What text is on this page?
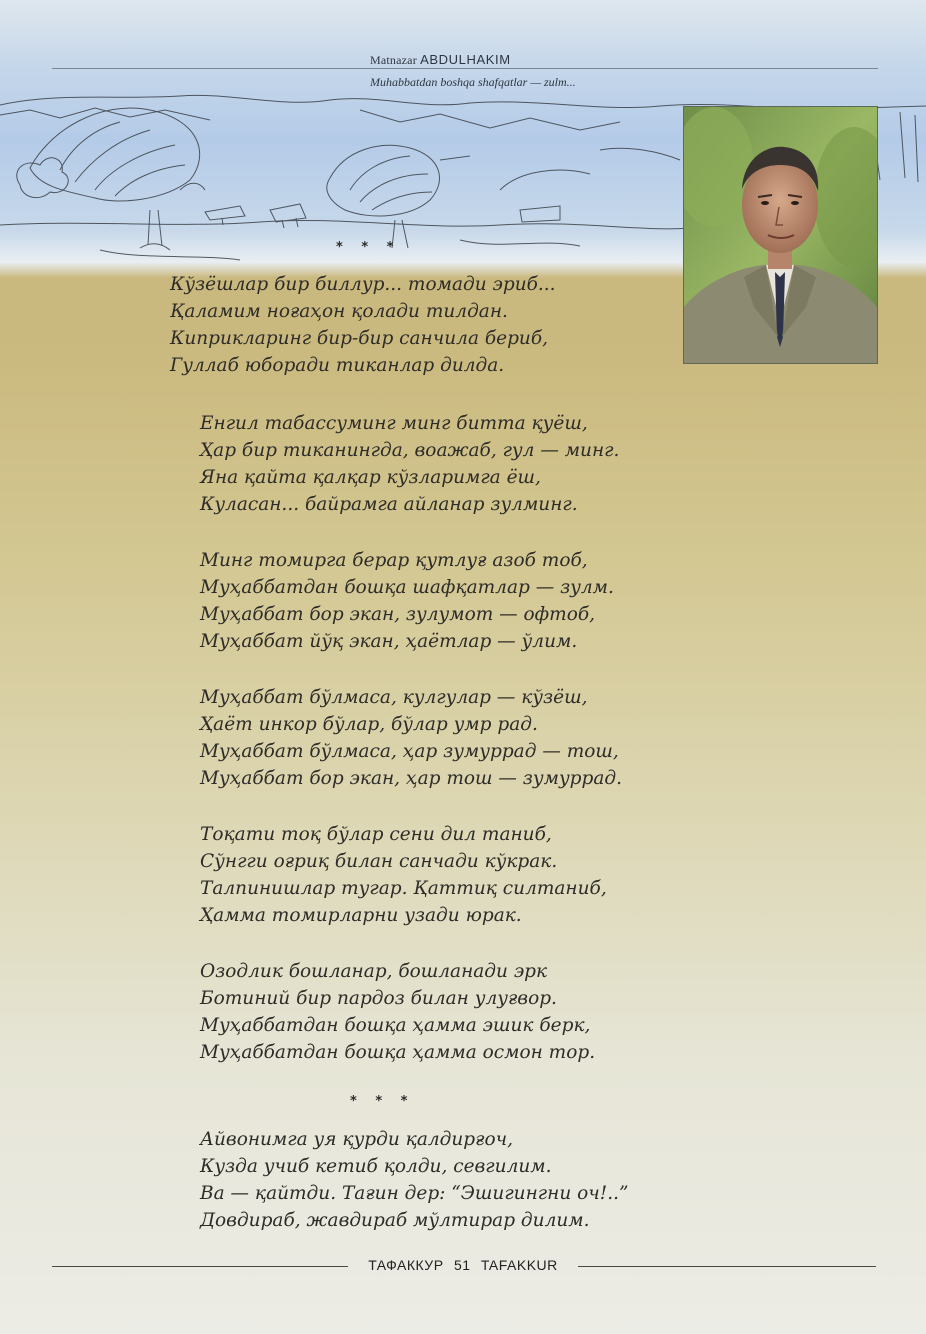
Matnazar ABDULHAKIM
Muhabbatdan boshqa shafqatlar — zulm...
* * *
Кўзёшлар бир биллур... томади эриб...
Қаламим ноғаҳон қолади тилдан.
Киприкларинг бир-бир санчила бериб,
Гуллаб юборади тиканлар дилда.
Енгил табассуминг минг битта қуёш,
Ҳар бир тиканингда, воажаб, гул — минг.
Яна қайта қалқар кўзларимга ёш,
Куласан... байрамга айланар зулминг.
Минг томирга берар қутлуғ азоб тоб,
Муҳаббатдан бошқа шафқатлар — зулм.
Муҳаббат бор экан, зулумот — офтоб,
Муҳаббат йўқ экан, ҳаётлар — ўлим.
Муҳаббат бўлмаса, кулгулар — кўзёш,
Ҳаёт инкор бўлар, бўлар умр рад.
Муҳаббат бўлмаса, ҳар зумуррад — тош,
Муҳаббат бор экан, ҳар тош — зумуррад.
Тоқати тоқ бўлар сени дил таниб,
Сўнгги оғриқ билан санчади кўкрак.
Талпинишлар тугар. Қаттиқ силтаниб,
Ҳамма томирларни узади юрак.
Озодлик бошланар, бошланади эрк
Ботиний бир пардоз билан улуғвор.
Муҳаббатдан бошқа ҳамма эшик берк,
Муҳаббатдан бошқа ҳамма осмон тор.
* * *
Айвонимга уя қурди қалдирғоч,
Кузда учиб кетиб қолди, севгилим.
Ва — қайтди. Тағин дер: “Эшигингни оч!..”
Довдираб, жавдираб мўлтирар дилим.
ТАФАККУР 51 TAFAKKUR
